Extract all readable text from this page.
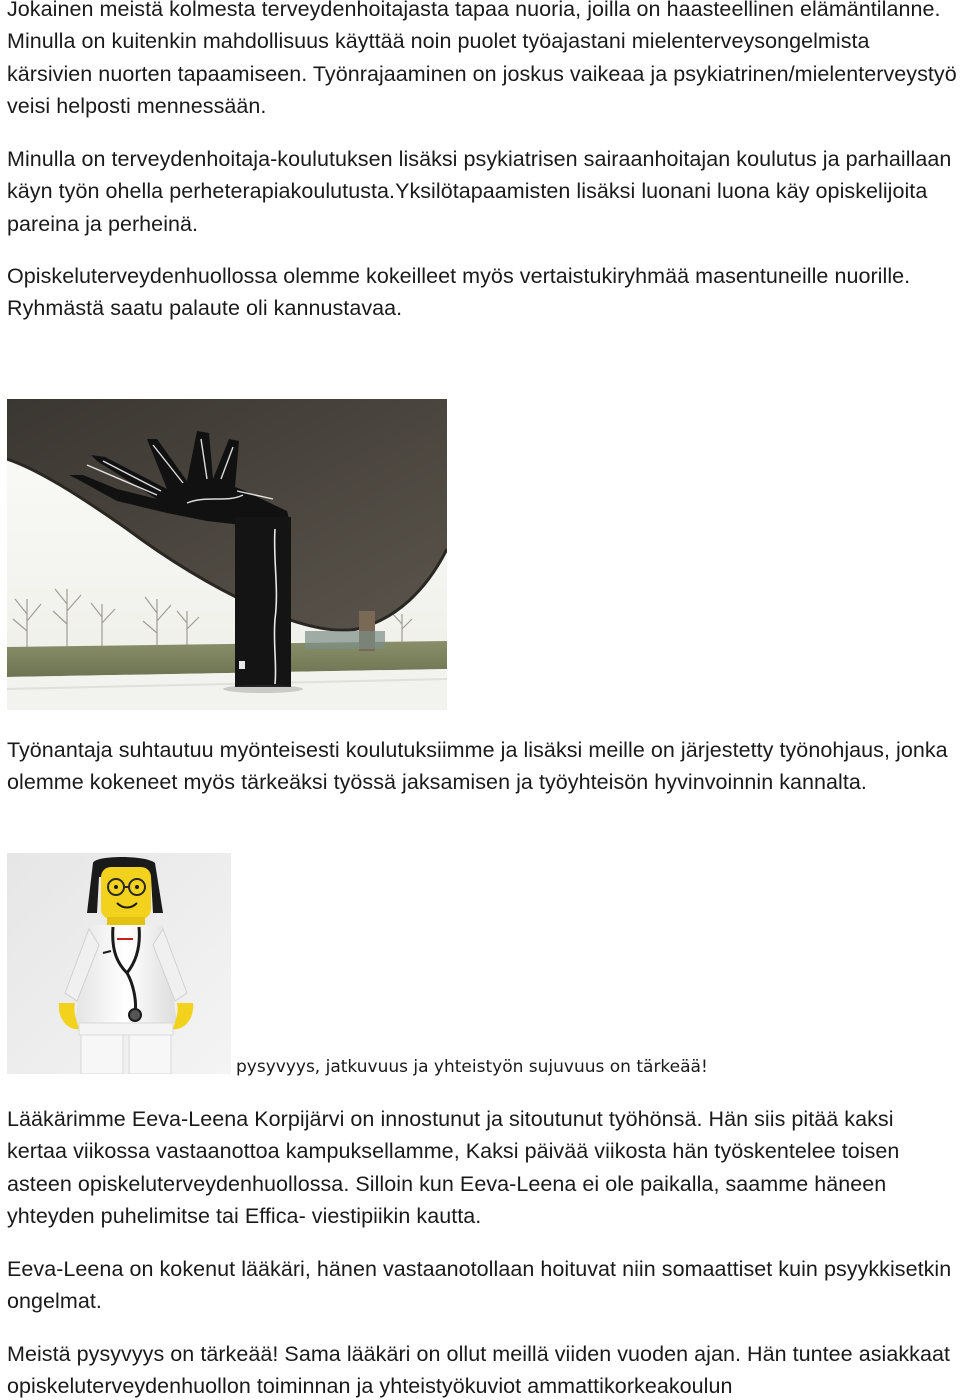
Jokainen meistä kolmesta terveydenhoitajasta tapaa nuoria, joilla on haasteellinen elämäntilanne. Minulla on kuitenkin mahdollisuus käyttää noin puolet työajastani mielenterveysongelmista kärsivien nuorten tapaamiseen. Työnrajaaminen on joskus vaikeaa ja psykiatrinen/mielenterveystyö veisi helposti mennessään.

Minulla on terveydenhoitaja-koulutuksen lisäksi psykiatrisen sairaanhoitajan koulutus ja parhaillaan käyn työn ohella perheterapiakoulutusta.Yksilötapaamisten lisäksi luonani luona käy opiskelijoita pareina ja perheinä.

Opiskeluterveydenhuollossa olemme kokeilleet myös vertaistukiryhmää masentuneille nuorille. Ryhmästä saatu palaute oli kannustavaa.

Työnantaja suhtautuu myönteisesti koulutuksiimme ja lisäksi meille on järjestetty työnohjaus, jonka olemme kokeneet myös tärkeäksi työssä jaksamisen ja työyhteisön hyvinvoinnin kannalta.

pysyvyys, jatkuvuus ja yhteistyön sujuvuus on tärkeää!

Lääkärimme Eeva-Leena Korpijärvi on innostunut ja sitoutunut työhönsä. Hän siis pitää kaksi kertaa viikossa vastaanottoa kampuksellamme, Kaksi päivää viikosta hän työskentelee toisen asteen opiskeluterveydenhuollossa. Silloin kun Eeva-Leena ei ole paikalla, saamme häneen yhteyden puhelimitse tai Effica- viestipiikin kautta.

Eeva-Leena on kokenut lääkäri, hänen vastaanotollaan hoituvat niin somaattiset kuin psyykkisetkin ongelmat.

Meistä pysyvyys on tärkeää! Sama lääkäri on ollut meillä viiden vuoden ajan. Hän tuntee asiakkaat opiskeluterveydenhuollon toiminnan ja yhteistyökuviot ammattikorkeakoulun
